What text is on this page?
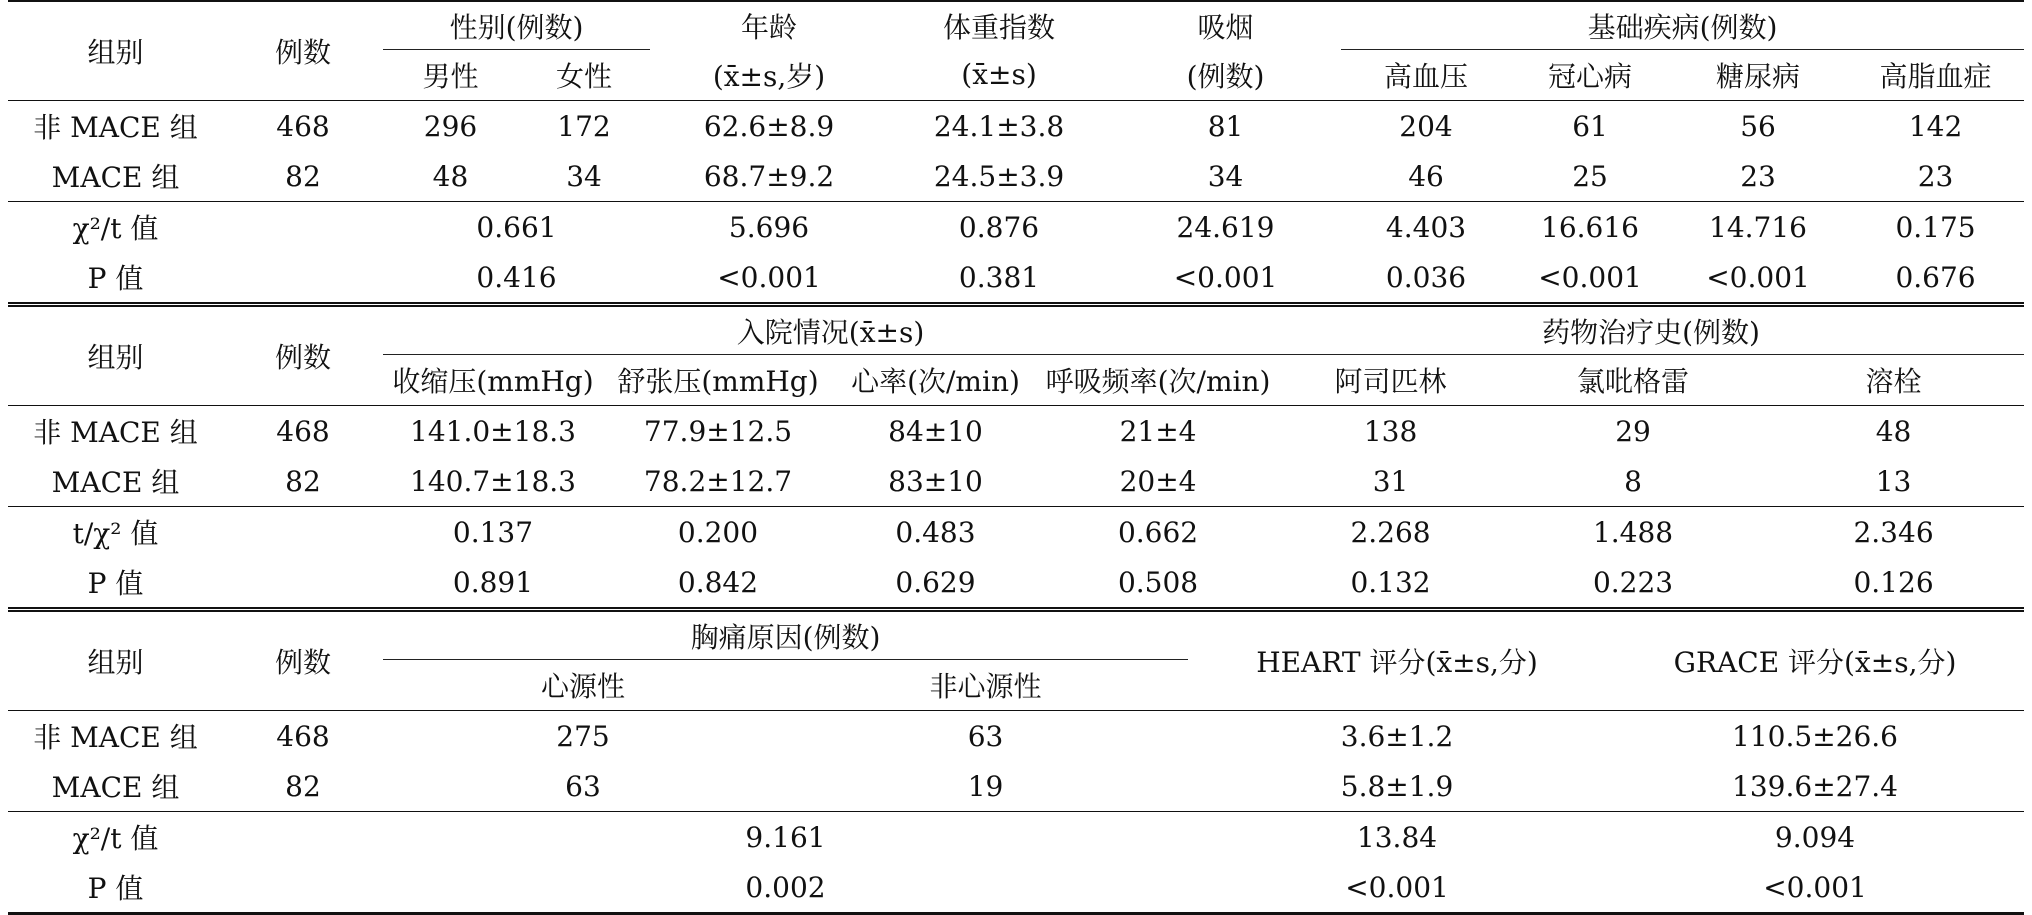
组别	例数	性别(例数)		年龄	体重指数	吸烟	基础疾病(例数)			
		男性	女性	(x̄±s,岁)	(x̄±s)	(例数)	高血压	冠心病	糖尿病	高脂血症
非 MACE 组	468	296	172	62.6±8.9	24.1±3.8	81	204	61	56	142
MACE 组	82	48	34	68.7±9.2	24.5±3.9	34	46	25	23	23
χ²/t 值		0.661		5.696	0.876	24.619	4.403	16.616	14.716	0.175
P 值		0.416		<0.001	0.381	<0.001	0.036	<0.001	<0.001	0.676
组别	例数	入院情况(x̄±s)				药物治疗史(例数)		
		收缩压(mmHg)	舒张压(mmHg)	心率(次/min)	呼吸频率(次/min)	阿司匹林	氯吡格雷	溶栓
非 MACE 组	468	141.0±18.3	77.9±12.5	84±10	21±4	138	29	48
MACE 组	82	140.7±18.3	78.2±12.7	83±10	20±4	31	8	13
t/χ² 值		0.137	0.200	0.483	0.662	2.268	1.488	2.346
P 值		0.891	0.842	0.629	0.508	0.132	0.223	0.126
组别	例数	胸痛原因(例数)		HEART 评分(x̄±s,分)	GRACE 评分(x̄±s,分)
		心源性	非心源性		
非 MACE 组	468	275	63	3.6±1.2	110.5±26.6
MACE 组	82	63	19	5.8±1.9	139.6±27.4
χ²/t 值		9.161		13.84	9.094
P 值		0.002		<0.001	<0.001
